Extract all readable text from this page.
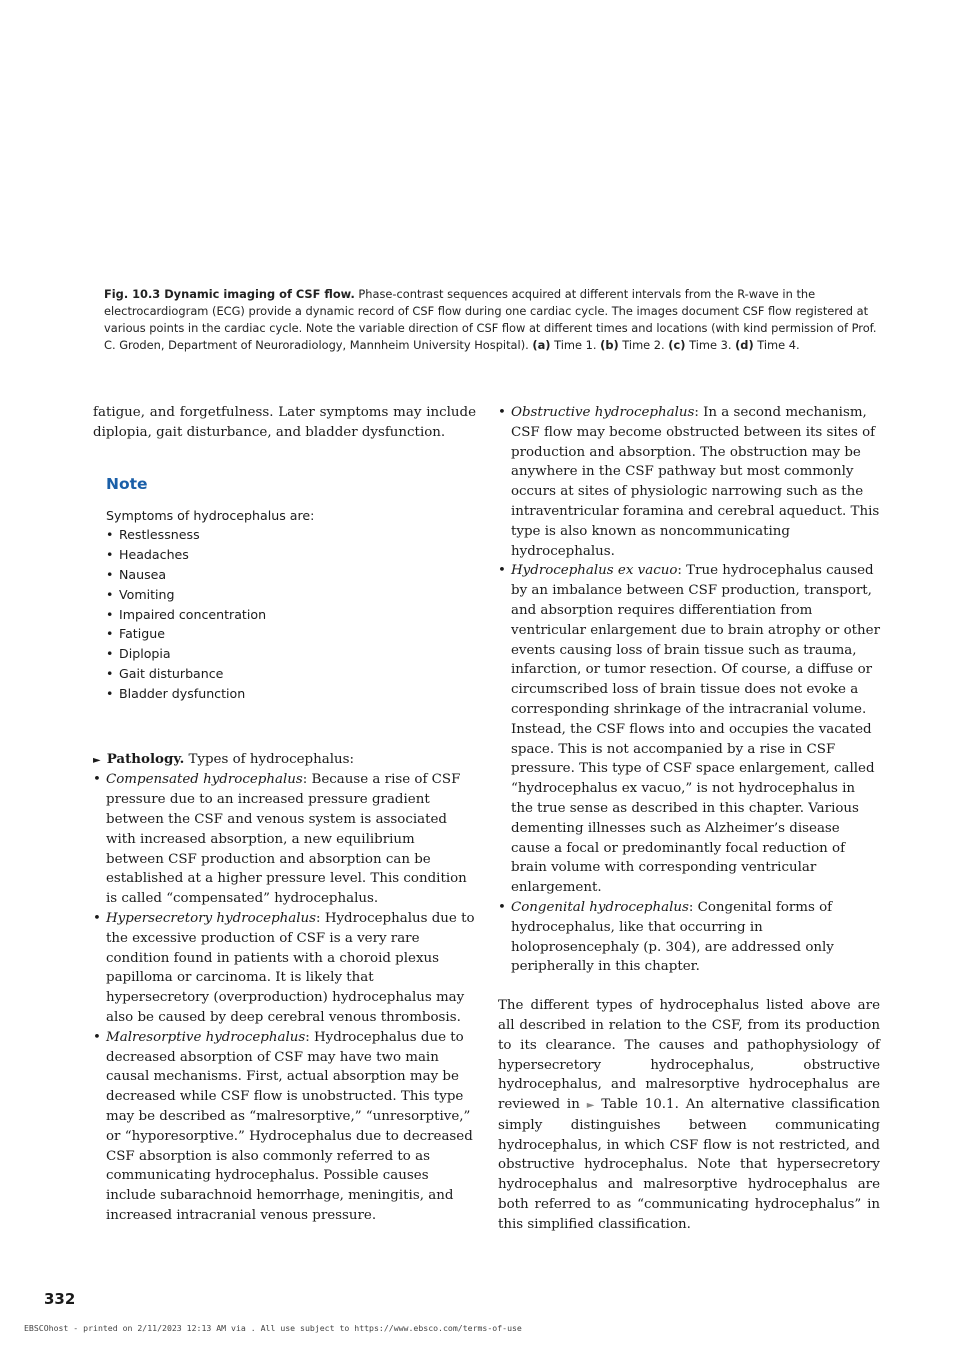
Fig. 10.3 Dynamic imaging of CSF flow. Phase-contrast sequences acquired at different intervals from the R-wave in the electrocardiogram (ECG) provide a dynamic record of CSF flow during one cardiac cycle. The images document CSF flow registered at various points in the cardiac cycle. Note the variable direction of CSF flow at different times and locations (with kind permission of Prof. C. Groden, Department of Neuroradiology, Mannheim University Hospital). (a) Time 1. (b) Time 2. (c) Time 3. (d) Time 4.

fatigue, and forgetfulness. Later symptoms may include diplopia, gait disturbance, and bladder dysfunction.

Note

Symptoms of hydrocephalus are:

• Restlessness
• Headaches
• Nausea
• Vomiting
• Impaired concentration
• Fatigue
• Diplopia
• Gait disturbance
• Bladder dysfunction

► Pathology. Types of hydrocephalus:

• Compensated hydrocephalus: Because a rise of CSF pressure due to an increased pressure gradient between the CSF and venous system is associated with increased absorption, a new equilibrium between CSF production and absorption can be established at a higher pressure level. This condition is called “compensated” hydrocephalus.
• Hypersecretory hydrocephalus: Hydrocephalus due to the excessive production of CSF is a very rare condition found in patients with a choroid plexus papilloma or carcinoma. It is likely that hypersecretory (overproduction) hydrocephalus may also be caused by deep cerebral venous thrombosis.
• Malresorptive hydrocephalus: Hydrocephalus due to decreased absorption of CSF may have two main causal mechanisms. First, actual absorption may be decreased while CSF flow is unobstructed. This type may be described as “malresorptive,” “unresorptive,” or “hyporesorptive.” Hydrocephalus due to decreased CSF absorption is also commonly referred to as communicating hydrocephalus. Possible causes include subarachnoid hemorrhage, meningitis, and increased intracranial venous pressure.
• Obstructive hydrocephalus: In a second mechanism, CSF flow may become obstructed between its sites of production and absorption. The obstruction may be anywhere in the CSF pathway but most commonly occurs at sites of physiologic narrowing such as the intraventricular foramina and cerebral aqueduct. This type is also known as noncommunicating hydrocephalus.
• Hydrocephalus ex vacuo: True hydrocephalus caused by an imbalance between CSF production, transport, and absorption requires differentiation from ventricular enlargement due to brain atrophy or other events causing loss of brain tissue such as trauma, infarction, or tumor resection. Of course, a diffuse or circumscribed loss of brain tissue does not evoke a corresponding shrinkage of the intracranial volume. Instead, the CSF flows into and occupies the vacated space. This is not accompanied by a rise in CSF pressure. This type of CSF space enlargement, called “hydrocephalus ex vacuo,” is not hydrocephalus in the true sense as described in this chapter. Various dementing illnesses such as Alzheimer’s disease cause a focal or predominantly focal reduction of brain volume with corresponding ventricular enlargement.
• Congenital hydrocephalus: Congenital forms of hydrocephalus, like that occurring in holoprosencephaly (p. 304), are addressed only peripherally in this chapter.

The different types of hydrocephalus listed above are all described in relation to the CSF, from its production to its clearance. The causes and pathophysiology of hypersecretory hydrocephalus, obstructive hydrocephalus, and malresorptive hydrocephalus are reviewed in ► Table 10.1. An alternative classification simply distinguishes between communicating hydrocephalus, in which CSF flow is not restricted, and obstructive hydrocephalus. Note that hypersecretory hydrocephalus and malresorptive hydrocephalus are both referred to as “communicating hydrocephalus” in this simplified classification.

332
EBSCOhost - printed on 2/11/2023 12:13 AM via . All use subject to https://www.ebsco.com/terms-of-use
